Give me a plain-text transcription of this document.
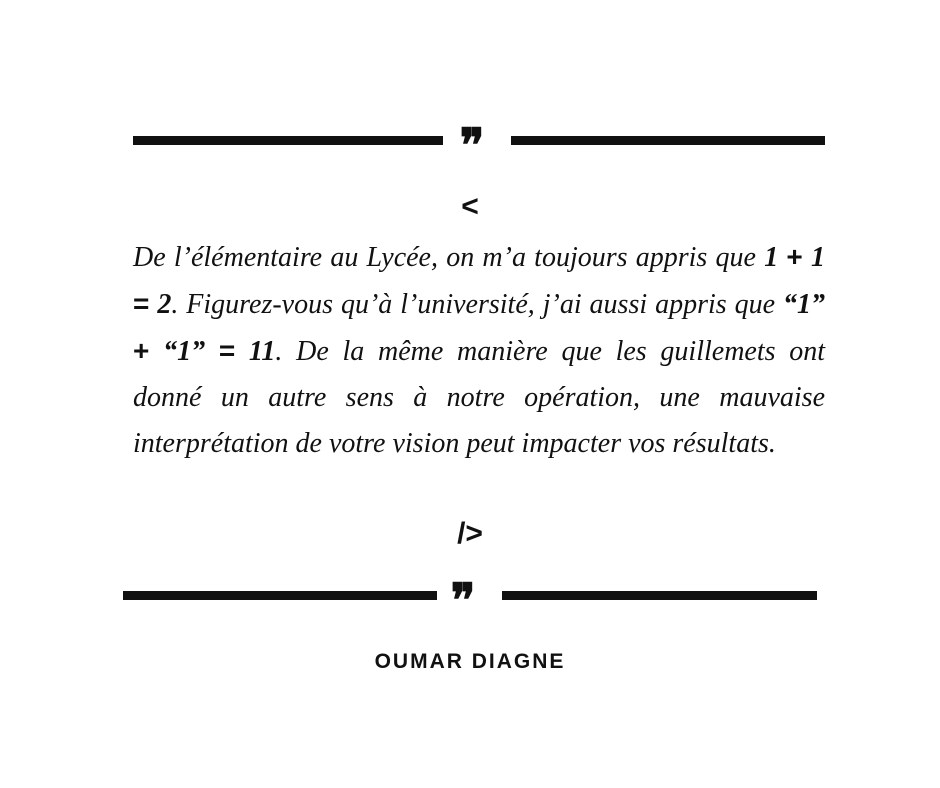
❞
<

De l’élémentaire au Lycée, on m’a toujours appris que 1 + 1 = 2. Figurez-vous qu’à l’université, j’ai aussi appris que “1” + “1” = 11. De la même manière que les guillemets ont donné un autre sens à notre opération, une mauvaise interprétation de votre vision peut impacter vos résultats.

/>
❞
OUMAR DIAGNE
